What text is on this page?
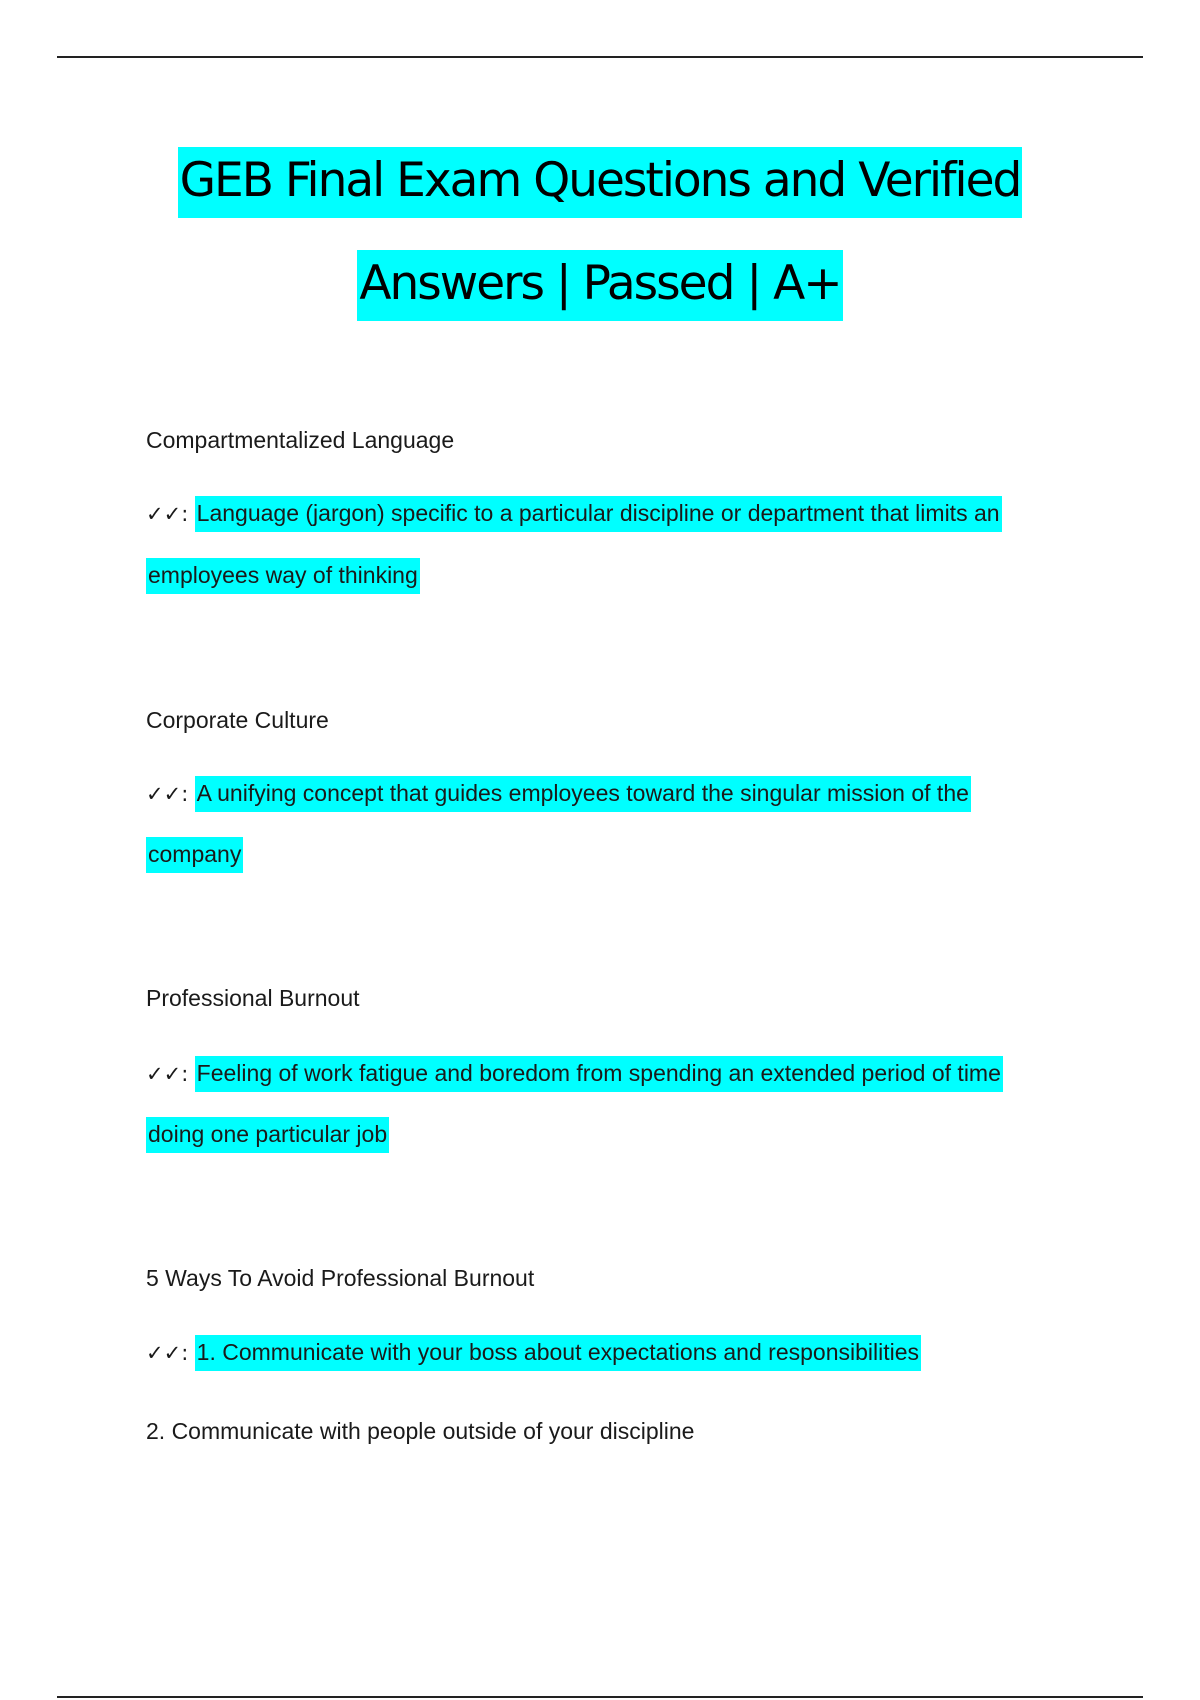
GEB Final Exam Questions and Verified
Answers | Passed | A+
Compartmentalized Language
✓✓: Language (jargon) specific to a particular discipline or department that limits an
employees way of thinking
Corporate Culture
✓✓: A unifying concept that guides employees toward the singular mission of the
company
Professional Burnout
✓✓: Feeling of work fatigue and boredom from spending an extended period of time
doing one particular job
5 Ways To Avoid Professional Burnout
✓✓: 1. Communicate with your boss about expectations and responsibilities
2. Communicate with people outside of your discipline
